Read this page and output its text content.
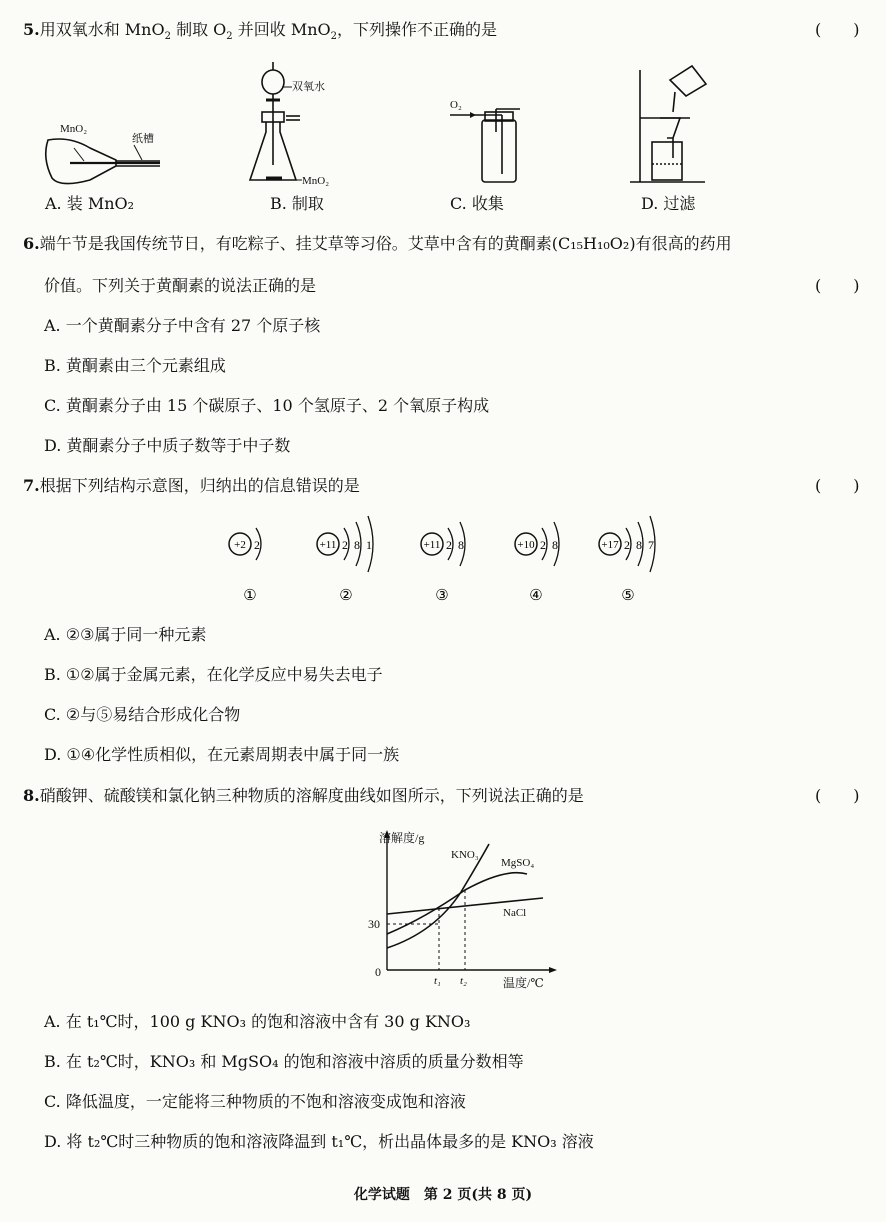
5.用双氧水和 MnO$_2$ 制取 $O_2$ 并回收 MnO$_2$，下列操作不正确的是	(　　)
MnO₂
纸槽
双氧水
MnO₂
O₂
A. 装 MnO₂	B. 制取	C. 收集	D. 过滤
6.端午节是我国传统节日，有吃粽子、挂艾草等习俗。艾草中含有的黄酮素(C₁₅H₁₀O₂)有很高的药用
价值。下列关于黄酮素的说法正确的是	(　　)
A. 一个黄酮素分子中含有 27 个原子核
B. 黄酮素由三个元素组成
C. 黄酮素分子由 15 个碳原子、10 个氢原子、2 个氧原子构成
D. 黄酮素分子中质子数等于中子数
7.根据下列结构示意图，归纳出的信息错误的是	(　　)
+2 2
①
+11 2 8 1
②
+11 2 8
③
+10 2 8
④
+17 2 8 7
⑤
A. ②③属于同一种元素
B. ①②属于金属元素，在化学反应中易失去电子
C. ②与⑤易结合形成化合物
D. ①④化学性质相似，在元素周期表中属于同一族
8.硝酸钾、硫酸镁和氯化钠三种物质的溶解度曲线如图所示，下列说法正确的是	(　　)
溶解度/g
温度/℃
0
30
t₁ t₂
KNO₃
MgSO₄
NaCl
A. 在 t₁℃时，100 g KNO₃ 的饱和溶液中含有 30 g KNO₃
B. 在 t₂℃时，KNO₃ 和 MgSO₄ 的饱和溶液中溶质的质量分数相等
C. 降低温度，一定能将三种物质的不饱和溶液变成饱和溶液
D. 将 t₂℃时三种物质的饱和溶液降温到 t₁℃，析出晶体最多的是 KNO₃ 溶液
化学试题　第 2 页(共 8 页)
